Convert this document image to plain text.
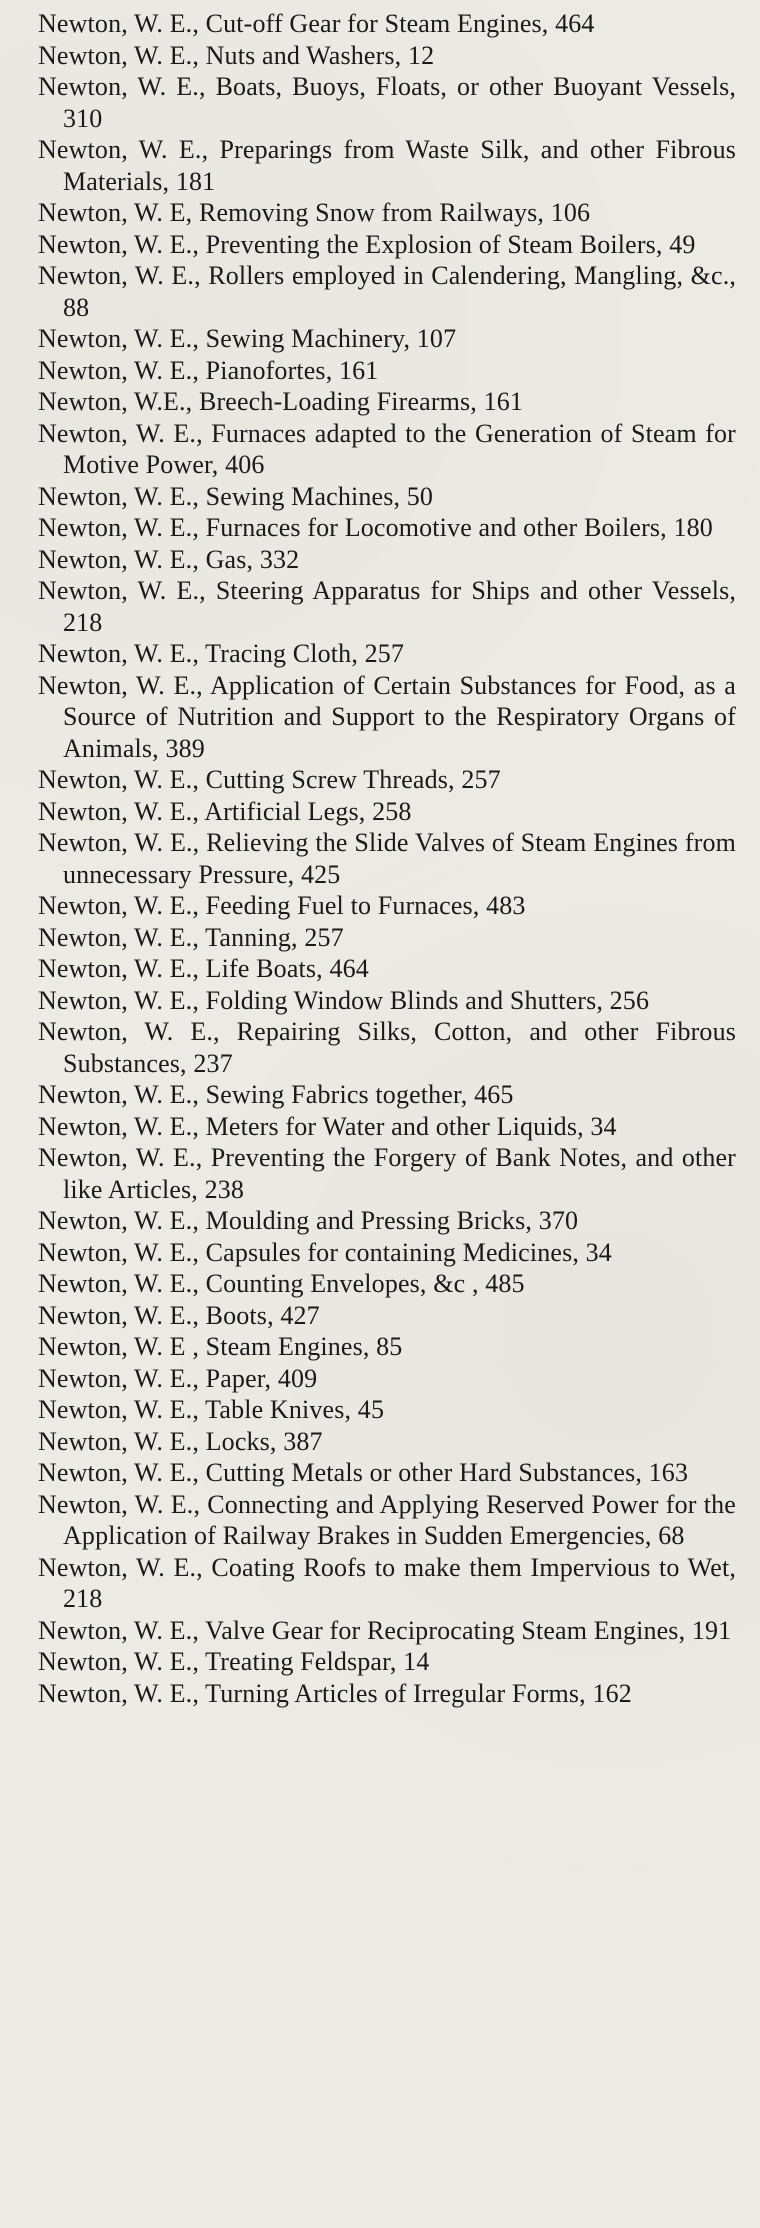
Newton, W. E., Cut-off Gear for Steam Engines, 464

Newton, W. E., Nuts and Washers, 12

Newton, W. E., Boats, Buoys, Floats, or other Buoyant Vessels, 310

Newton, W. E., Preparings from Waste Silk, and other Fibrous Materials, 181

Newton, W. E, Removing Snow from Railways, 106

Newton, W. E., Preventing the Explosion of Steam Boilers, 49

Newton, W. E., Rollers employed in Calendering, Mangling, &c., 88

Newton, W. E., Sewing Machinery, 107

Newton, W. E., Pianofortes, 161

Newton, W.E., Breech-Loading Firearms, 161

Newton, W. E., Furnaces adapted to the Generation of Steam for Motive Power, 406

Newton, W. E., Sewing Machines, 50

Newton, W. E., Furnaces for Locomotive and other Boilers, 180

Newton, W. E., Gas, 332

Newton, W. E., Steering Apparatus for Ships and other Vessels, 218

Newton, W. E., Tracing Cloth, 257

Newton, W. E., Application of Certain Substances for Food, as a Source of Nutrition and Support to the Respiratory Organs of Animals, 389

Newton, W. E., Cutting Screw Threads, 257

Newton, W. E., Artificial Legs, 258

Newton, W. E., Relieving the Slide Valves of Steam Engines from unnecessary Pressure, 425

Newton, W. E., Feeding Fuel to Furnaces, 483

Newton, W. E., Tanning, 257

Newton, W. E., Life Boats, 464

Newton, W. E., Folding Window Blinds and Shutters, 256

Newton, W. E., Repairing Silks, Cotton, and other Fibrous Substances, 237

Newton, W. E., Sewing Fabrics together, 465

Newton, W. E., Meters for Water and other Liquids, 34

Newton, W. E., Preventing the Forgery of Bank Notes, and other like Articles, 238

Newton, W. E., Moulding and Pressing Bricks, 370

Newton, W. E., Capsules for containing Medicines, 34

Newton, W. E., Counting Envelopes, &c , 485

Newton, W. E., Boots, 427

Newton, W. E , Steam Engines, 85

Newton, W. E., Paper, 409

Newton, W. E., Table Knives, 45

Newton, W. E., Locks, 387

Newton, W. E., Cutting Metals or other Hard Substances, 163

Newton, W. E., Connecting and Applying Reserved Power for the Application of Railway Brakes in Sudden Emergencies, 68

Newton, W. E., Coating Roofs to make them Impervious to Wet, 218

Newton, W. E., Valve Gear for Reciprocating Steam Engines, 191

Newton, W. E., Treating Feldspar, 14

Newton, W. E., Turning Articles of Irregular Forms, 162
